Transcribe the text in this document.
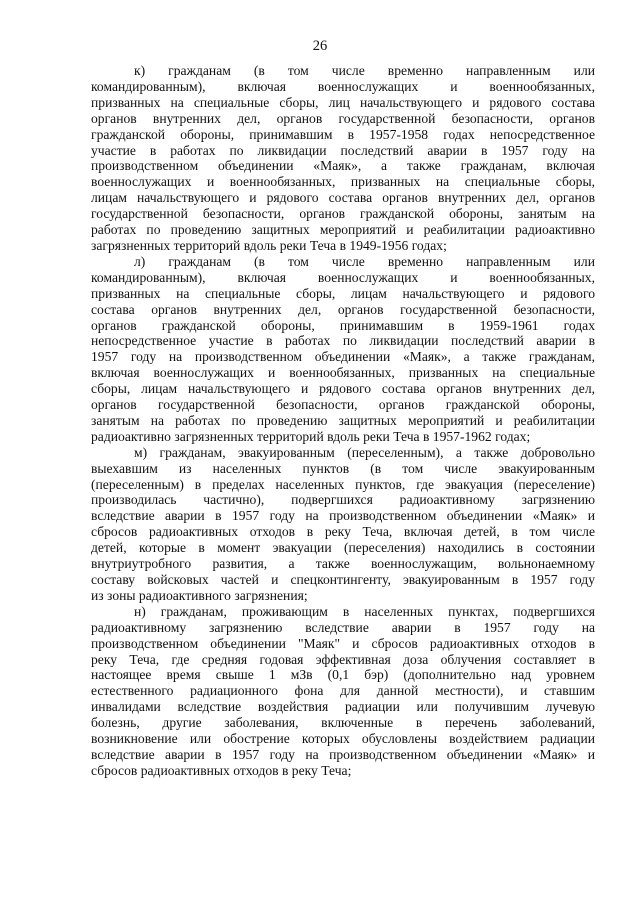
26

к) гражданам (в том числе временно направленным или
командированным), включая военнослужащих и военнообязанных,
призванных на специальные сборы, лиц начальствующего и рядового состава
органов внутренних дел, органов государственной безопасности, органов
гражданской обороны, принимавшим в 1957-1958 годах непосредственное
участие в работах по ликвидации последствий аварии в 1957 году на
производственном объединении «Маяк», а также гражданам, включая
военнослужащих и военнообязанных, призванных на специальные сборы,
лицам начальствующего и рядового состава органов внутренних дел, органов
государственной безопасности, органов гражданской обороны, занятым на
работах по проведению защитных мероприятий и реабилитации радиоактивно
загрязненных территорий вдоль реки Теча в 1949-1956 годах;

л) гражданам (в том числе временно направленным или
командированным), включая военнослужащих и военнообязанных,
призванных на специальные сборы, лицам начальствующего и рядового
состава органов внутренних дел, органов государственной безопасности,
органов гражданской обороны, принимавшим в 1959-1961 годах
непосредственное участие в работах по ликвидации последствий аварии в
1957 году на производственном объединении «Маяк», а также гражданам,
включая военнослужащих и военнообязанных, призванных на специальные
сборы, лицам начальствующего и рядового состава органов внутренних дел,
органов государственной безопасности, органов гражданской обороны,
занятым на работах по проведению защитных мероприятий и реабилитации
радиоактивно загрязненных территорий вдоль реки Теча в 1957-1962 годах;

м) гражданам, эвакуированным (переселенным), а также добровольно
выехавшим из населенных пунктов (в том числе эвакуированным
(переселенным) в пределах населенных пунктов, где эвакуация (переселение)
производилась частично), подвергшихся радиоактивному загрязнению
вследствие аварии в 1957 году на производственном объединении «Маяк» и
сбросов радиоактивных отходов в реку Теча, включая детей, в том числе
детей, которые в момент эвакуации (переселения) находились в состоянии
внутриутробного развития, а также военнослужащим, вольнонаемному
составу войсковых частей и спецконтингенту, эвакуированным в 1957 году
из зоны радиоактивного загрязнения;

н) гражданам, проживающим в населенных пунктах, подвергшихся
радиоактивному загрязнению вследствие аварии в 1957 году на
производственном объединении "Маяк" и сбросов радиоактивных отходов в
реку Теча, где средняя годовая эффективная доза облучения составляет в
настоящее время свыше 1 мЗв (0,1 бэр) (дополнительно над уровнем
естественного радиационного фона для данной местности), и ставшим
инвалидами вследствие воздействия радиации или получившим лучевую
болезнь, другие заболевания, включенные в перечень заболеваний,
возникновение или обострение которых обусловлены воздействием радиации
вследствие аварии в 1957 году на производственном объединении «Маяк» и
сбросов радиоактивных отходов в реку Теча;
